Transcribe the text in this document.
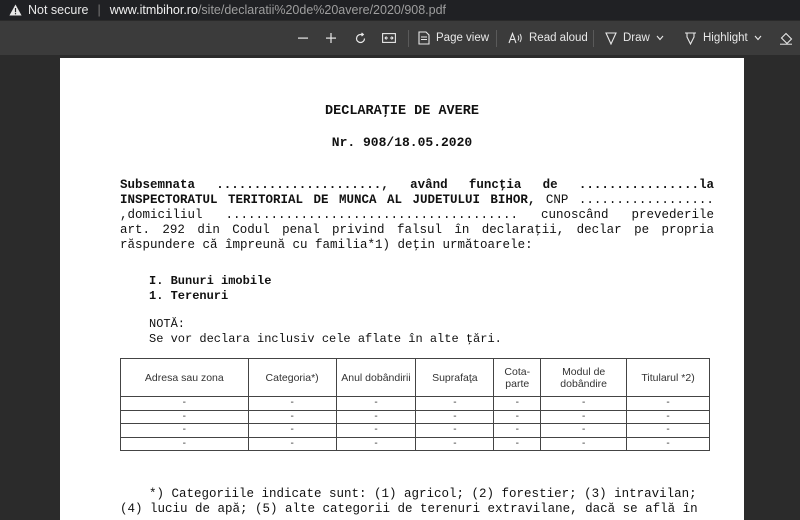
Not secure | www.itmbihor.ro/site/declaratii%20de%20avere/2020/908.pdf
Page view	Read aloud	Draw	Highlight
DECLARAŢIE DE AVERE
Nr. 908/18.05.2020
Subsemnata ......................, având funcţia de ................la
INSPECTORATUL TERITORIAL DE MUNCA AL JUDETULUI BIHOR, CNP ..................
,domiciliul ....................................... cunoscând prevederile
art. 292 din Codul penal privind falsul în declaraţii, declar pe propria
răspundere că împreună cu familia*1) deţin următoarele:
I. Bunuri imobile
1. Terenuri
NOTĂ:
Se vor declara inclusiv cele aflate în alte ţări.
Adresa sau zona	Categoria*)	Anul dobândirii	Suprafaţa	Cota-parte	Modul de dobândire	Titularul *2)
-	-	-	-	-	-	-
-	-	-	-	-	-	-
-	-	-	-	-	-	-
-	-	-	-	-	-	-
*) Categoriile indicate sunt: (1) agricol; (2) forestier; (3) intravilan;
(4) luciu de apă; (5) alte categorii de terenuri extravilane, dacă se află în
